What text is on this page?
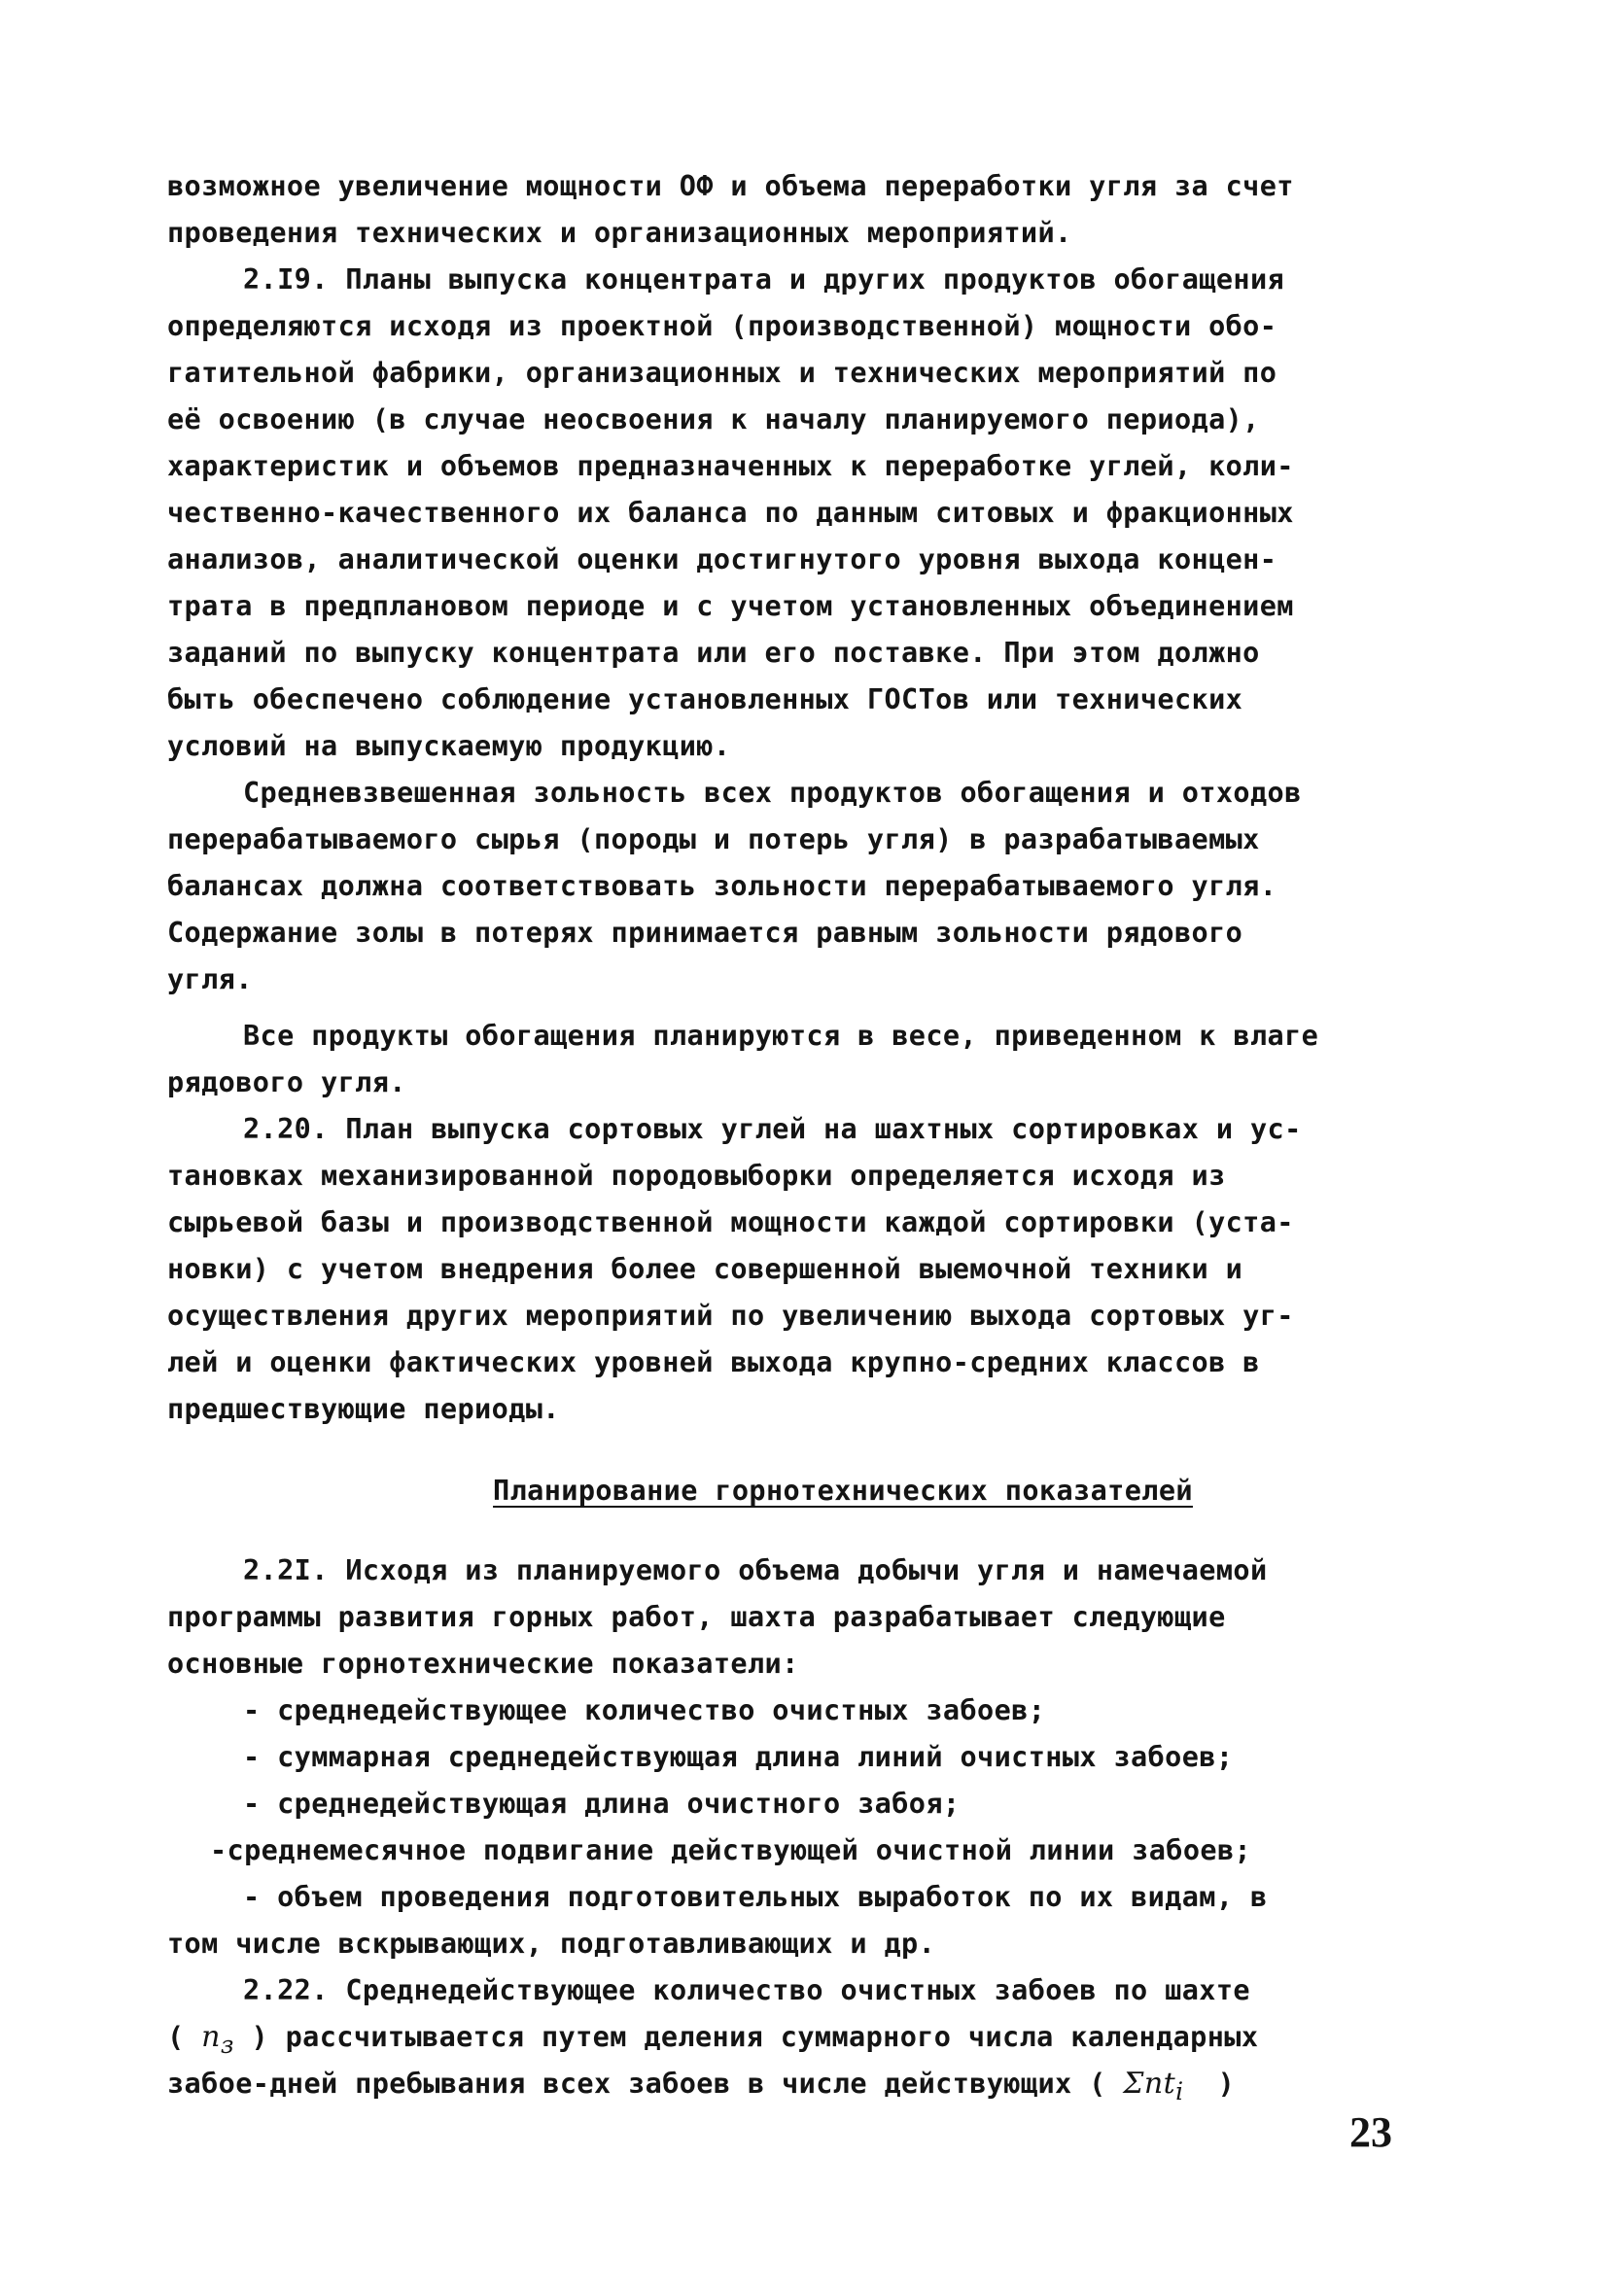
возможное увеличение мощности ОФ и объема переработки угля за счет
проведения технических и организационных мероприятий.
2.I9. Планы выпуска концентрата и других продуктов обогащения
определяются исходя из проектной (производственной) мощности обо-
гатительной фабрики, организационных и технических мероприятий по
её освоению (в случае неосвоения к началу планируемого периода),
характеристик и объемов предназначенных к переработке углей, коли-
чественно-качественного их баланса по данным ситовых и фракционных
анализов, аналитической оценки достигнутого уровня выхода концен-
трата в предплановом периоде и с учетом установленных объединением
заданий по выпуску концентрата или его поставке. При этом должно
быть обеспечено соблюдение установленных ГОСТов или технических
условий на выпускаемую продукцию.
Средневзвешенная зольность всех продуктов обогащения и отходов
перерабатываемого сырья (породы и потерь угля) в разрабатываемых
балансах должна соответствовать зольности перерабатываемого угля.
Содержание золы в потерях принимается равным зольности рядового
угля.
Все продукты обогащения планируются в весе, приведенном к влаге
рядового угля.
2.20. План выпуска сортовых углей на шахтных сортировках и ус-
тановках механизированной породовыборки определяется исходя из
сырьевой базы и производственной мощности каждой сортировки (уста-
новки) с учетом внедрения более совершенной выемочной техники и
осуществления других мероприятий по увеличению выхода сортовых уг-
лей и оценки фактических уровней выхода крупно-средних классов в
предшествующие периоды.
Планирование горнотехнических показателей
2.2I. Исходя из планируемого объема добычи угля и намечаемой
программы развития горных работ, шахта разрабатывает следующие
основные горнотехнические показатели:
- среднедействующее количество очистных забоев;
- суммарная среднедействующая длина линий очистных забоев;
- среднедействующая длина очистного забоя;
-среднемесячное подвигание действующей очистной линии забоев;
- объем проведения подготовительных выработок по их видам, в
том числе вскрывающих, подготавливающих и др.
2.22. Среднедействующее количество очистных забоев по шахте
( $n_з$ ) рассчитывается путем деления суммарного числа календарных
забое-дней пребывания всех забоев в числе действующих ( Σnt$_i$ )
23
